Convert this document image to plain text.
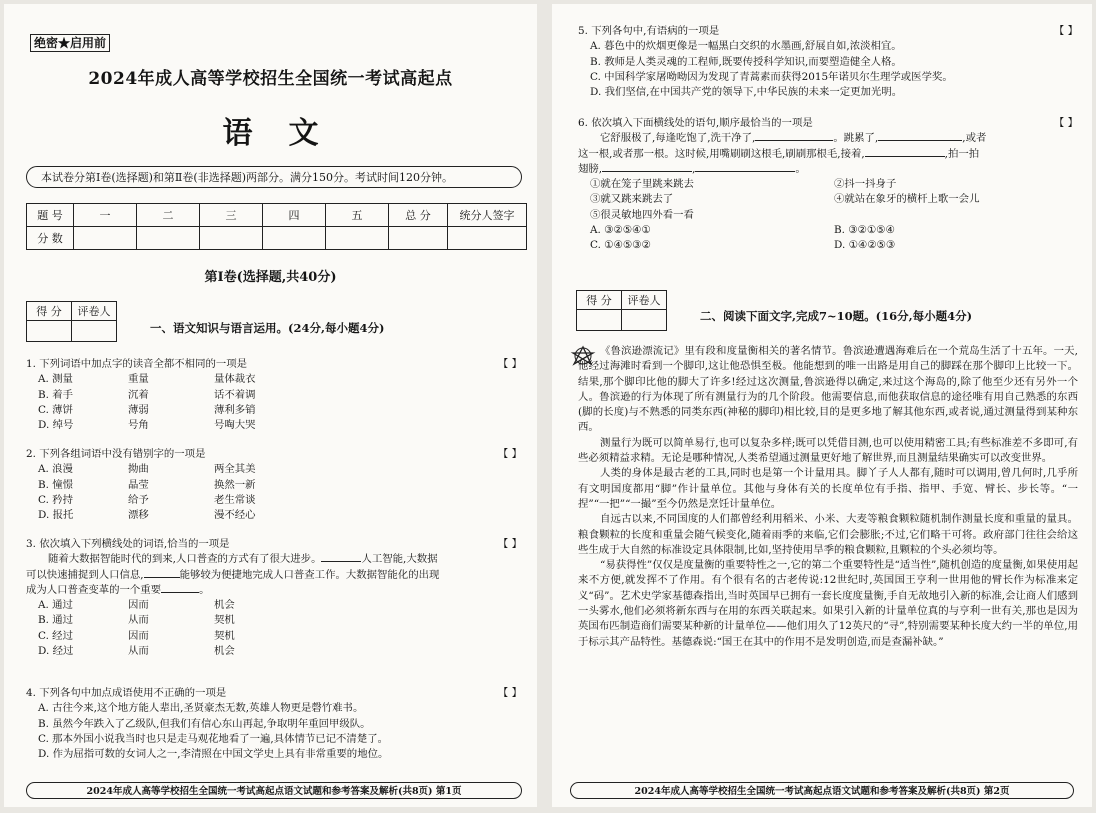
绝密★启用前
2024年成人高等学校招生全国统一考试高起点
语文
本试卷分第Ⅰ卷(选择题)和第Ⅱ卷(非选择题)两部分。满分150分。考试时间120分钟。
题 号	一	二	三	四	五	总 分	统分人签字
分 数							
第Ⅰ卷(选择题,共40分)
得 分	评卷人

一、语文知识与语言运用。(24分,每小题4分)

1. 下列词语中加点字的读音全都不相同的一项是	【 】

A. 测量	重量	量体裁衣

B. 着手	沉着	话不着调

C. 薄饼	薄弱	薄利多销

D. 绰号	号角	号啕大哭

2. 下列各组词语中没有错别字的一项是	【 】

A. 浪漫	拗曲	两全其美

B. 憧憬	晶莹	换然一新

C. 矜持	给予	老生常谈

D. 报托	漂移	漫不经心

3. 依次填入下列横线处的词语,恰当的一项是	【 】

随着大数据智能时代的到来,人口普查的方式有了很大进步。	人工智能,大数据

可以快速捕捉到人口信息,	能够较为便捷地完成人口普查工作。大数据智能化的出现

成为人口普查变革的一个重要	。

A. 通过	因而	机会

B. 通过	从而	契机

C. 经过	因而	契机

D. 经过	从而	机会

4. 下列各句中加点成语使用不正确的一项是	【 】

A. 古往今来,这个地方能人辈出,圣贤豪杰无数,英雄人物更是磬竹难书。

B. 虽然今年跌入了乙级队,但我们有信心东山再起,争取明年重回甲级队。

C. 那本外国小说我当时也只是走马观花地看了一遍,具体情节已记不清楚了。

D. 作为屈指可数的女词人之一,李清照在中国文学史上具有非常重要的地位。

2024年成人高等学校招生全国统一考试高起点语文试题和参考答案及解析(共8页) 第1页

5. 下列各句中,有语病的一项是	【 】

A. 暮色中的炊烟更像是一幅黑白交织的水墨画,舒展自如,浓淡相宜。

B. 教师是人类灵魂的工程师,既要传授科学知识,而要塑造健全人格。

C. 中国科学家屠呦呦因为发现了青蒿素而获得2015年诺贝尔生理学或医学奖。

D. 我们坚信,在中国共产党的领导下,中华民族的未来一定更加光明。

6. 依次填入下面横线处的语句,顺序最恰当的一项是	【 】

它舒服极了,每逢吃饱了,洗干净了,	。跳累了,	,或者

这一根,或者那一根。这时候,用嘴刷刷这根毛,刷刷那根毛,接着,	,拍一拍

翅膀,	,	。

①就在笼子里跳来跳去	②抖一抖身子

③就又跳来跳去了	④就站在象牙的横杆上歌一会儿

⑤很灵敏地四外看一看

A. ③②⑤④①	B. ③②①⑤④

C. ①④⑤③②	D. ①④②⑤③

得 分	评卷人

二、阅读下面文字,完成7~10题。(16分,每小题4分)

《鲁滨逊漂流记》里有段和度量衡相关的著名情节。鲁滨逊遭遇海难后在一个荒岛生活了十五年。一天,他经过海滩时看到一个脚印,这让他恐惧至极。他能想到的唯一出路是用自己的脚踩在那个脚印上比较一下。结果,那个脚印比他的脚大了许多!经过这次测量,鲁滨逊得以确定,来过这个海岛的,除了他至少还有另外一个人。鲁滨逊的行为体现了所有测量行为的几个阶段。他需要信息,而他获取信息的途径唯有用自己熟悉的东西(脚的长度)与不熟悉的同类东西(神秘的脚印)相比较,目的是更多地了解其他东西,或者说,通过测量得到某种东西。

测量行为既可以简单易行,也可以复杂多样;既可以凭借目测,也可以使用精密工具;有些标准差不多即可,有些必须精益求精。无论是哪种情况,人类希望通过测量更好地了解世界,而且测量结果确实可以改变世界。

人类的身体是最古老的工具,同时也是第一个计量用具。脚丫子人人都有,随时可以调用,曾几何时,几乎所有文明国度都用“脚”作计量单位。其他与身体有关的长度单位有手指、指甲、手宽、臂长、步长等。“一捏”“一把”“一撮”至今仍然是烹饪计量单位。

自远古以来,不同国度的人们都曾经利用稻米、小米、大麦等粮食颗粒随机制作测量长度和重量的量具。粮食颗粒的长度和重量会随气候变化,随着雨季的来临,它们会膨胀;不过,它们略干可将。政府部门往往会给这些生成于大自然的标准设定具体限制,比如,坚持使用旱季的粮食颗粒,且颗粒的个头必须均等。

“易获得性”仅仅是度量衡的重要特性之一,它的第二个重要特性是“适当性”,随机创造的度量衡,如果使用起来不方便,就发挥不了作用。有个很有名的古老传说:12世纪时,英国国王亨利一世用他的臂长作为标准来定义“码”。艺术史学家基德森指出,当时英国早已拥有一套长度度量衡,手自无故地引入新的标准,会让商人们感到一头雾水,他们必须将新东西与在用的东西关联起来。如果引入新的计量单位真的与亨利一世有关,那也是因为英国布匹制造商们需要某种新的计量单位——他们用久了12英尺的“寻”,特别需要某种长度大约一半的单位,用于标示其产品特性。基德森说:“国王在其中的作用不是发明创造,而是查漏补缺。”

2024年成人高等学校招生全国统一考试高起点语文试题和参考答案及解析(共8页) 第2页
